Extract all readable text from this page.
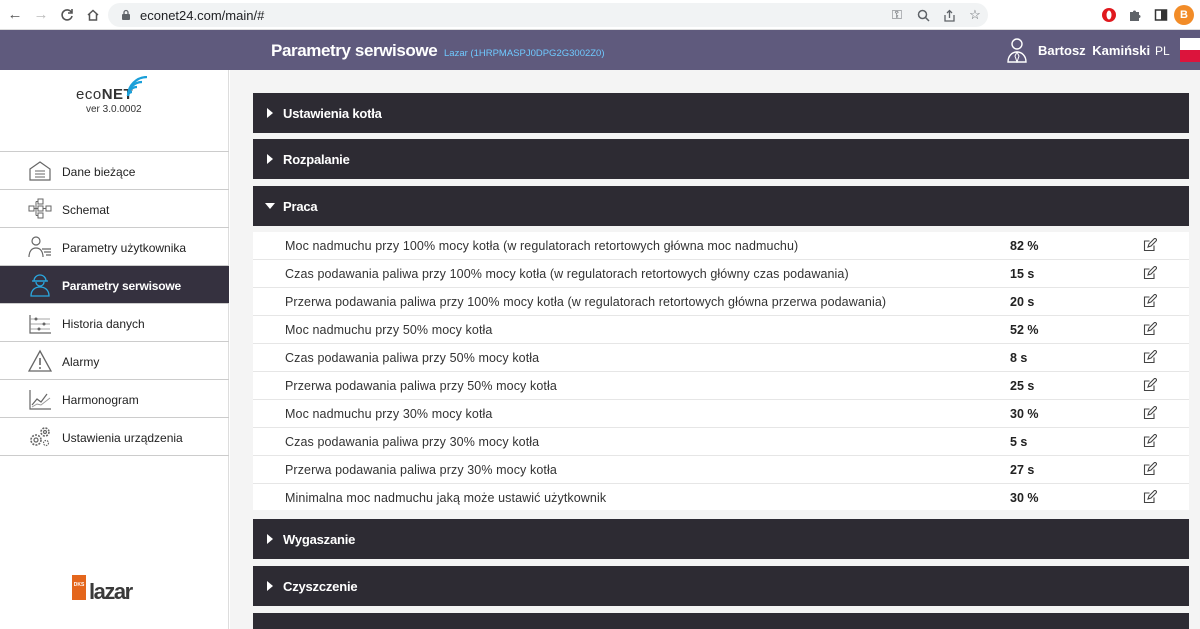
← →	econet24.com/main/#	⚿	☆	B
Parametry serwisowe Lazar (1HRPMASPJ0DPG2G3002Z0)	Bartosz Kamiński PL
ecoNET
ver 3.0.0002
Dane bieżące
Schemat
Parametry użytkownika
Parametry serwisowe
Historia danych
Alarmy
Harmonogram
Ustawienia urządzenia
DKS lazar
Ustawienia kotła
Rozpalanie
Praca
Moc nadmuchu przy 100% mocy kotła (w regulatorach retortowych główna moc nadmuchu)	82 %
Czas podawania paliwa przy 100% mocy kotła (w regulatorach retortowych główny czas podawania)	15 s
Przerwa podawania paliwa przy 100% mocy kotła (w regulatorach retortowych główna przerwa podawania)	20 s
Moc nadmuchu przy 50% mocy kotła	52 %
Czas podawania paliwa przy 50% mocy kotła	8 s
Przerwa podawania paliwa przy 50% mocy kotła	25 s
Moc nadmuchu przy 30% mocy kotła	30 %
Czas podawania paliwa przy 30% mocy kotła	5 s
Przerwa podawania paliwa przy 30% mocy kotła	27 s
Minimalna moc nadmuchu jaką może ustawić użytkownik	30 %
Wygaszanie
Czyszczenie
